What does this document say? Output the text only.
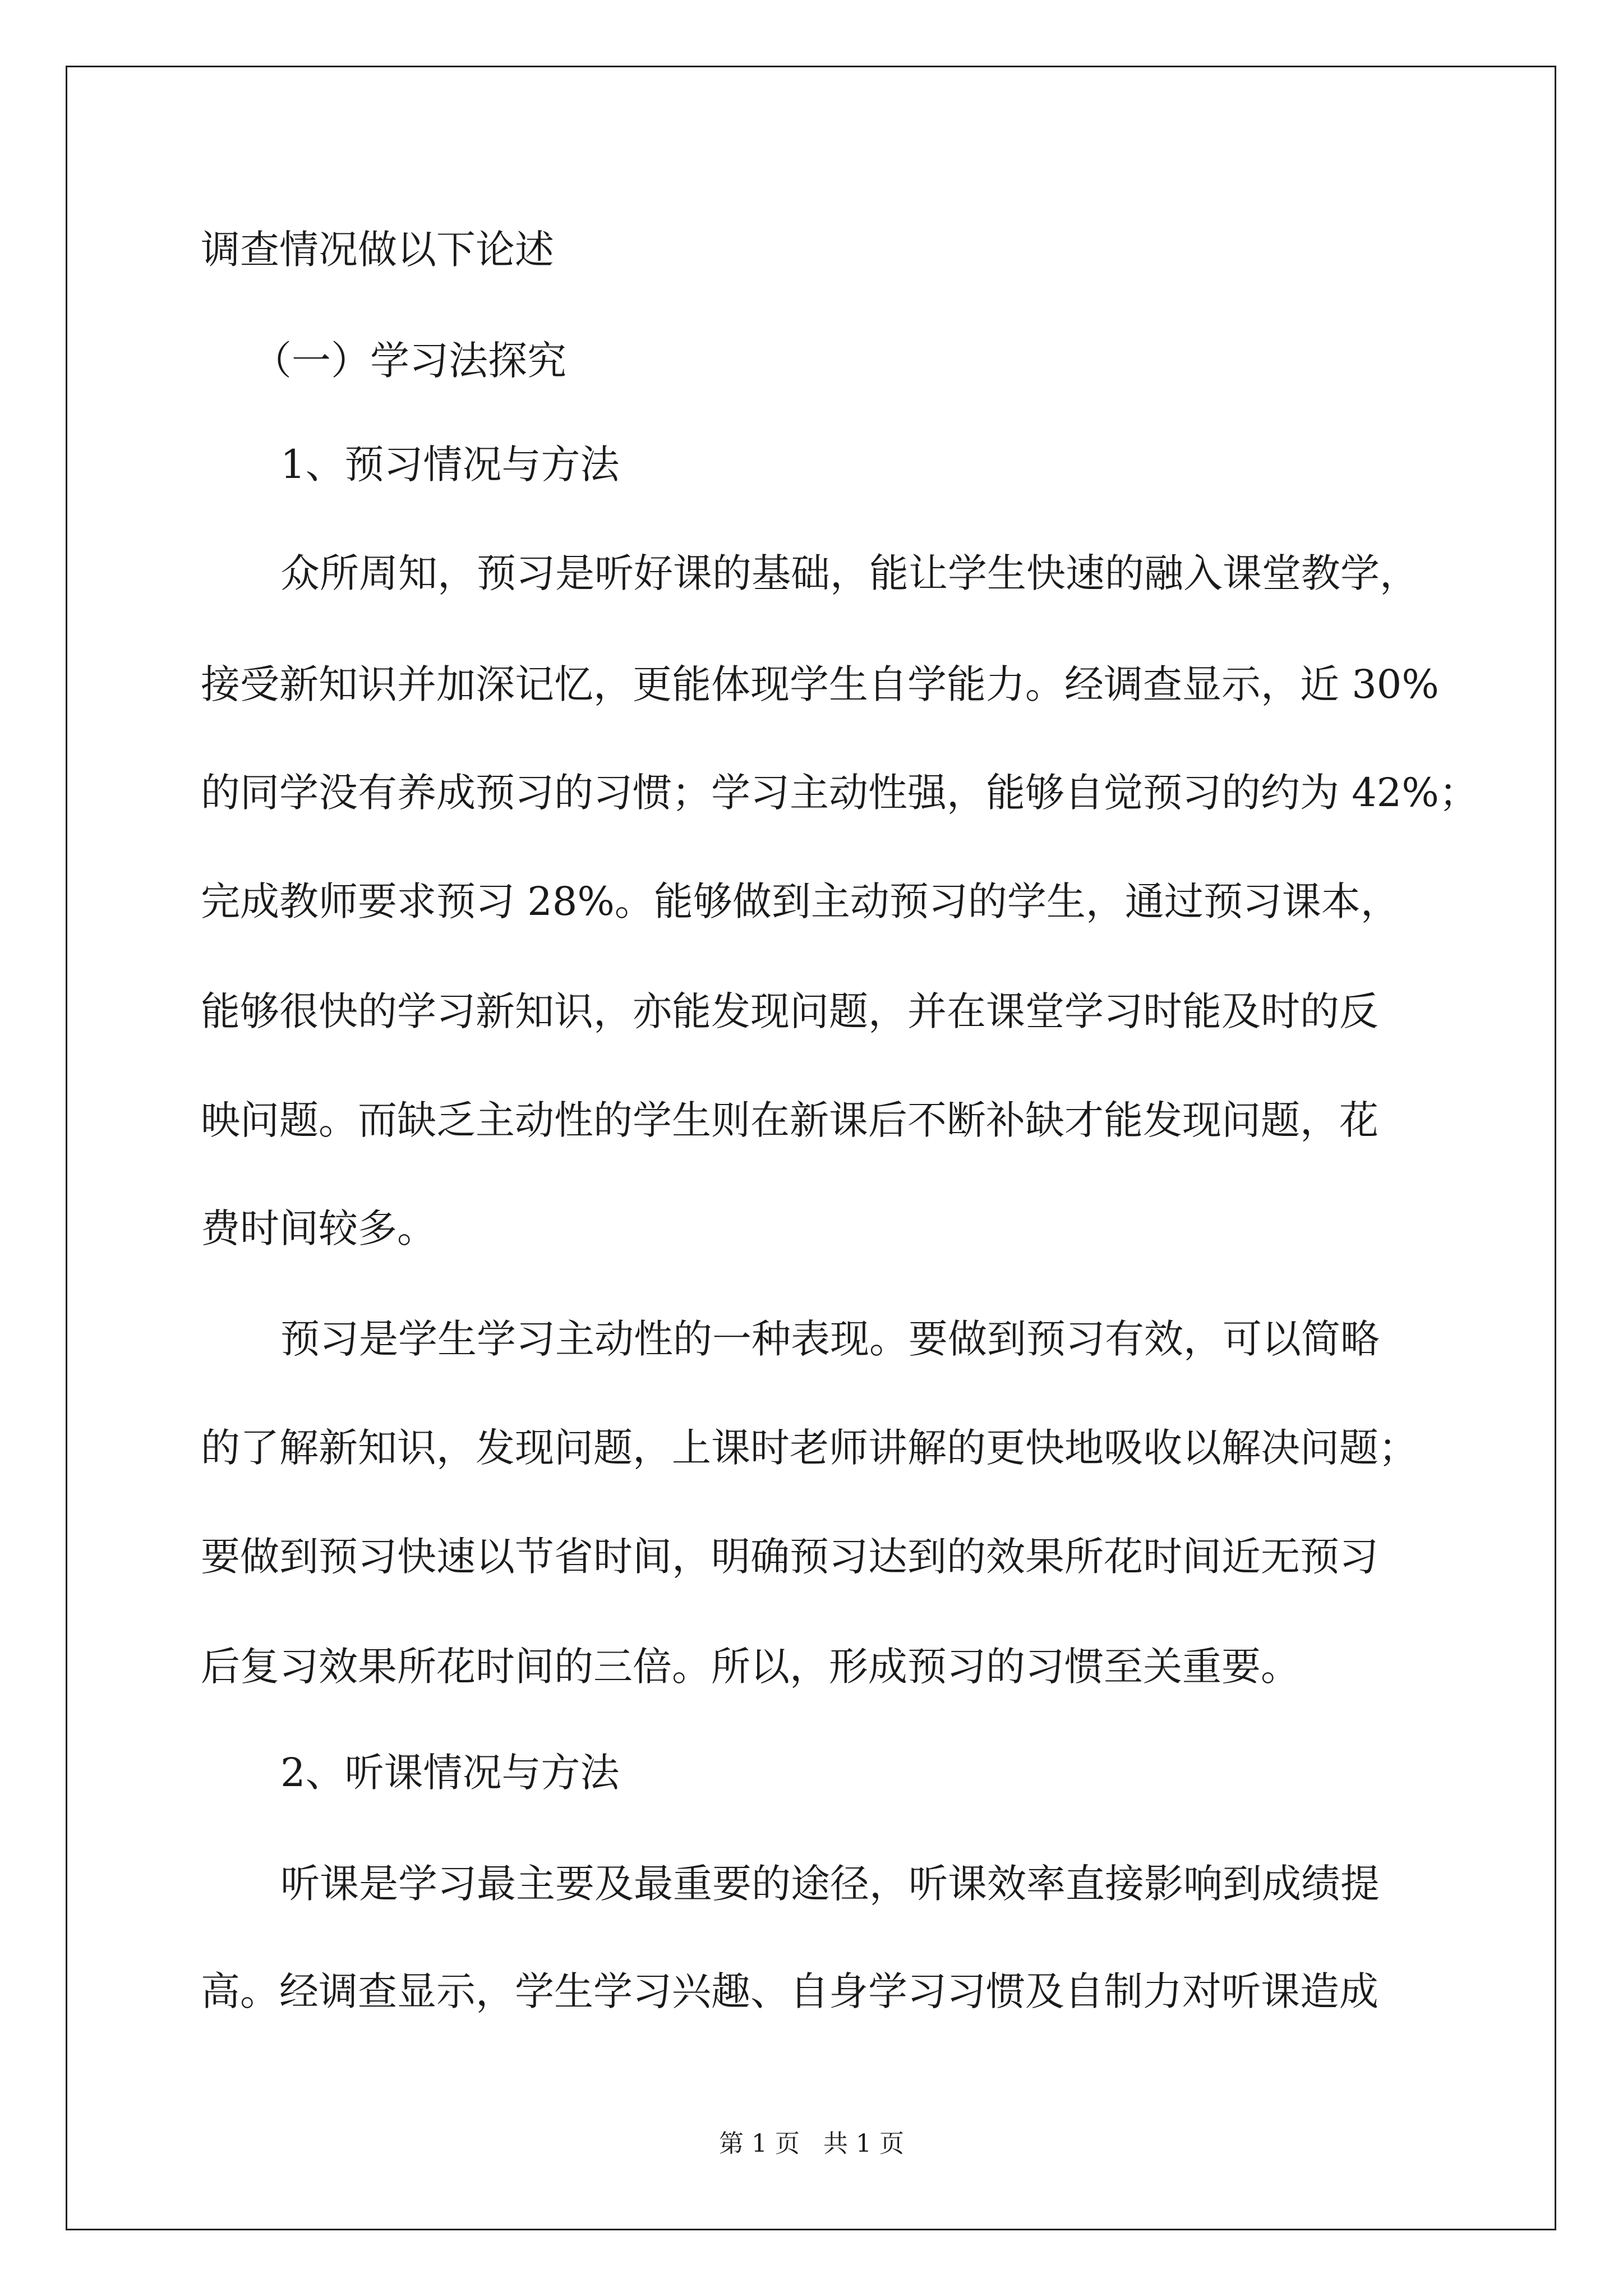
调查情况做以下论述
（一）学习法探究
1、预习情况与方法
众所周知，预习是听好课的基础，能让学生快速的融入课堂教学，
接受新知识并加深记忆，更能体现学生自学能力。经调查显示，近 30%
的同学没有养成预习的习惯；学习主动性强，能够自觉预习的约为 42%；
完成教师要求预习 28%。能够做到主动预习的学生，通过预习课本，
能够很快的学习新知识，亦能发现问题，并在课堂学习时能及时的反
映问题。而缺乏主动性的学生则在新课后不断补缺才能发现问题，花
费时间较多。
预习是学生学习主动性的一种表现。要做到预习有效，可以简略
的了解新知识，发现问题，上课时老师讲解的更快地吸收以解决问题；
要做到预习快速以节省时间，明确预习达到的效果所花时间近无预习
后复习效果所花时间的三倍。所以，形成预习的习惯至关重要。
2、听课情况与方法
听课是学习最主要及最重要的途径，听课效率直接影响到成绩提
高。经调查显示，学生学习兴趣、自身学习习惯及自制力对听课造成
第 1 页   共 1 页
